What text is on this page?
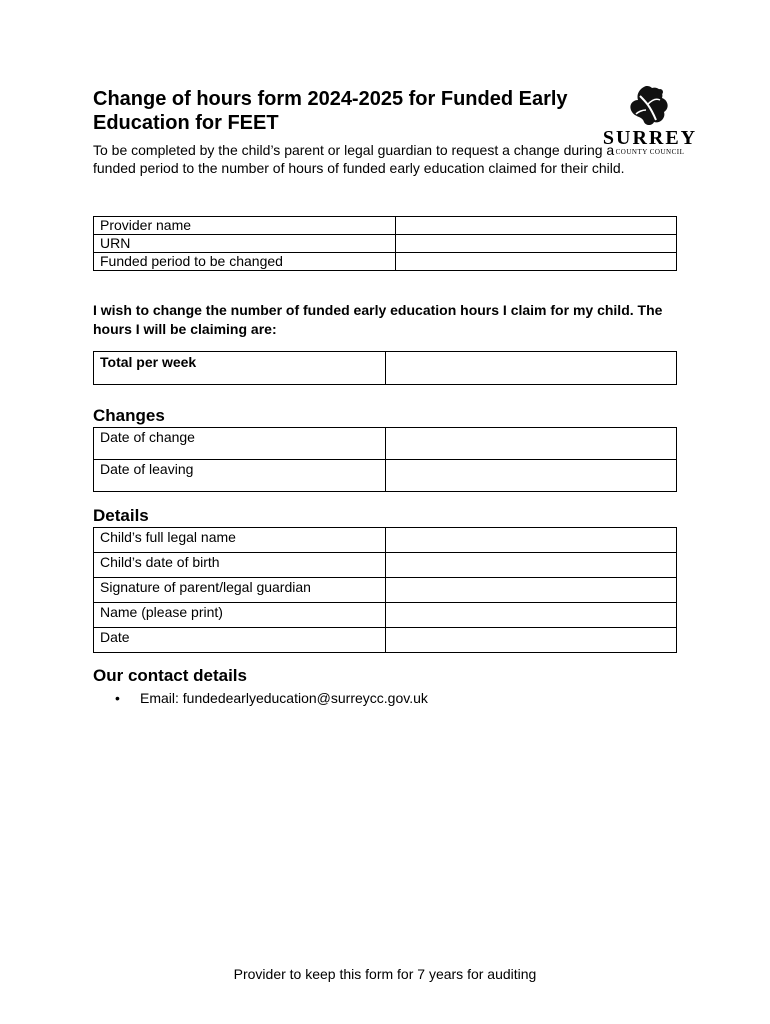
Change of hours form 2024-2025 for Funded Early Education for FEET
SURREY
COUNTY COUNCIL

To be completed by the child’s parent or legal guardian to request a change during a funded period to the number of hours of funded early education claimed for their child.

Provider name	
URN	
Funded period to be changed	

I wish to change the number of funded early education hours I claim for my child. The hours I will be claiming are:

Total per week	
Changes
Date of change	
Date of leaving	
Details
Child’s full legal name	
Child’s date of birth	
Signature of parent/legal guardian	
Name (please print)	
Date	
Our contact details
• Email: fundedearlyeducation@surreycc.gov.uk
Provider to keep this form for 7 years for auditing
